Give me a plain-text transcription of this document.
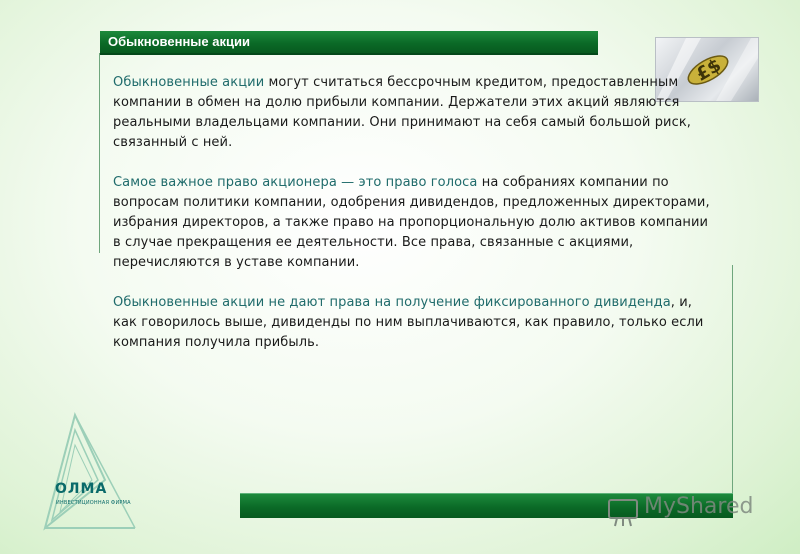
Обыкновенные акции
£$

Обыкновенные акции могут считаться бессрочным кредитом, предоставленным компании в обмен на долю прибыли компании. Держатели этих акций являются реальными владельцами компании. Они принимают на себя самый большой риск, связанный с ней.

Самое важное право акционера — это право голоса на собраниях компании по вопросам политики компании, одобрения дивидендов, предложенных директорами, избрания директоров, а также право на пропорциональную долю активов компании в случае прекращения ее деятельности. Все права, связанные с акциями, перечисляются в уставе компании.

Обыкновенные акции не дают права на получение фиксированного дивиденда, и, как говорилось выше, дивиденды по ним выплачиваются, как правило, только если компания получила прибыль.

ОЛМА
ИНВЕСТИЦИОННАЯ ФИРМА	MyShared
